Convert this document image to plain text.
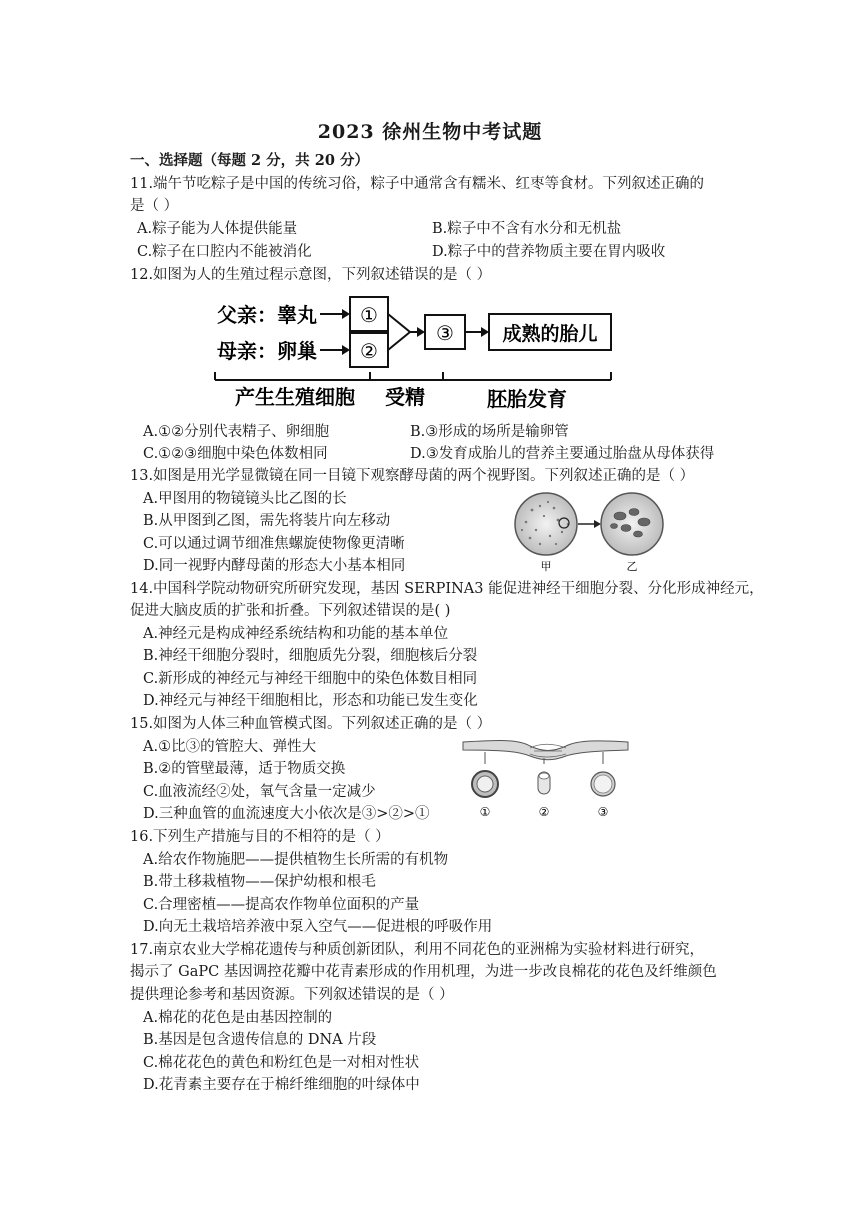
2023 徐州生物中考试题
一、选择题（每题 2 分，共 20 分）
11.端午节吃粽子是中国的传统习俗，粽子中通常含有糯米、红枣等食材。下列叙述正确的
是（ ）
A.粽子能为人体提供能量	B.粽子中不含有水分和无机盐
C.粽子在口腔内不能被消化	D.粽子中的营养物质主要在胃内吸收
12.如图为人的生殖过程示意图，下列叙述错误的是（ ）
父亲：睾丸
母亲：卵巢
①
②
③	成熟的胎儿
产生生殖细胞 受精	胚胎发育
A.①②分别代表精子、卵细胞	B.③形成的场所是输卵管
C.①②③细胞中染色体数相同	D.③发育成胎儿的营养主要通过胎盘从母体获得
13.如图是用光学显微镜在同一目镜下观察酵母菌的两个视野图。下列叙述正确的是（ ）
A.甲图用的物镜镜头比乙图的长
B.从甲图到乙图，需先将装片向左移动
C.可以通过调节细准焦螺旋使物像更清晰
D.同一视野内酵母菌的形态大小基本相同	甲	乙
14.中国科学院动物研究所研究发现，基因 SERPINA3 能促进神经干细胞分裂、分化形成神经元，
促进大脑皮质的扩张和折叠。下列叙述错误的是( )
A.神经元是构成神经系统结构和功能的基本单位
B.神经干细胞分裂时，细胞质先分裂，细胞核后分裂
C.新形成的神经元与神经干细胞中的染色体数目相同
D.神经元与神经干细胞相比，形态和功能已发生变化
15.如图为人体三种血管模式图。下列叙述正确的是（ ）
A.①比③的管腔大、弹性大
B.②的管壁最薄，适于物质交换
C.血液流经②处，氧气含量一定减少
D.三种血管的血流速度大小依次是③>②>①	①	②	③
16.下列生产措施与目的不相符的是（ ）
A.给农作物施肥——提供植物生长所需的有机物
B.带土移栽植物——保护幼根和根毛
C.合理密植——提高农作物单位面积的产量
D.向无土栽培培养液中泵入空气——促进根的呼吸作用
17.南京农业大学棉花遗传与种质创新团队，利用不同花色的亚洲棉为实验材料进行研究，
揭示了 GaPC 基因调控花瓣中花青素形成的作用机理，为进一步改良棉花的花色及纤维颜色
提供理论参考和基因资源。下列叙述错误的是（ ）
A.棉花的花色是由基因控制的
B.基因是包含遗传信息的 DNA 片段
C.棉花花色的黄色和粉红色是一对相对性状
D.花青素主要存在于棉纤维细胞的叶绿体中
